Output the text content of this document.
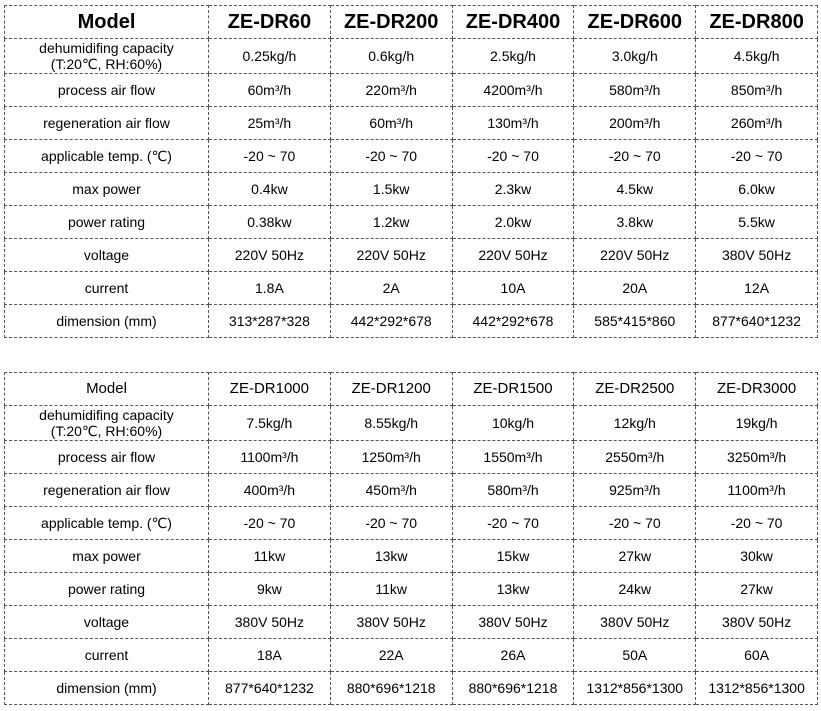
Model	ZE-DR60	ZE-DR200	ZE-DR400	ZE-DR600	ZE-DR800

dehumidifing capacity
(T:20℃, RH:60%)	0.25kg/h	0.6kg/h	2.5kg/h	3.0kg/h	4.5kg/h

process air flow	60m³/h	220m³/h	4200m³/h	580m³/h	850m³/h

regeneration air flow	25m³/h	60m³/h	130m³/h	200m³/h	260m³/h

applicable temp. (℃)	-20 ~ 70	-20 ~ 70	-20 ~ 70	-20 ~ 70	-20 ~ 70

max power	0.4kw	1.5kw	2.3kw	4.5kw	6.0kw

power rating	0.38kw	1.2kw	2.0kw	3.8kw	5.5kw

voltage	220V 50Hz	220V 50Hz	220V 50Hz	220V 50Hz	380V 50Hz

current	1.8A	2A	10A	20A	12A

dimension (mm)	313*287*328	442*292*678	442*292*678	585*415*860	877*640*1232
Model	ZE-DR1000	ZE-DR1200	ZE-DR1500	ZE-DR2500	ZE-DR3000

dehumidifing capacity
(T:20℃, RH:60%)	7.5kg/h	8.55kg/h	10kg/h	12kg/h	19kg/h

process air flow	1100m³/h	1250m³/h	1550m³/h	2550m³/h	3250m³/h

regeneration air flow	400m³/h	450m³/h	580m³/h	925m³/h	1100m³/h

applicable temp. (℃)	-20 ~ 70	-20 ~ 70	-20 ~ 70	-20 ~ 70	-20 ~ 70

max power	11kw	13kw	15kw	27kw	30kw

power rating	9kw	11kw	13kw	24kw	27kw

voltage	380V 50Hz	380V 50Hz	380V 50Hz	380V 50Hz	380V 50Hz

current	18A	22A	26A	50A	60A

dimension (mm)	877*640*1232	880*696*1218	880*696*1218	1312*856*1300	1312*856*1300
